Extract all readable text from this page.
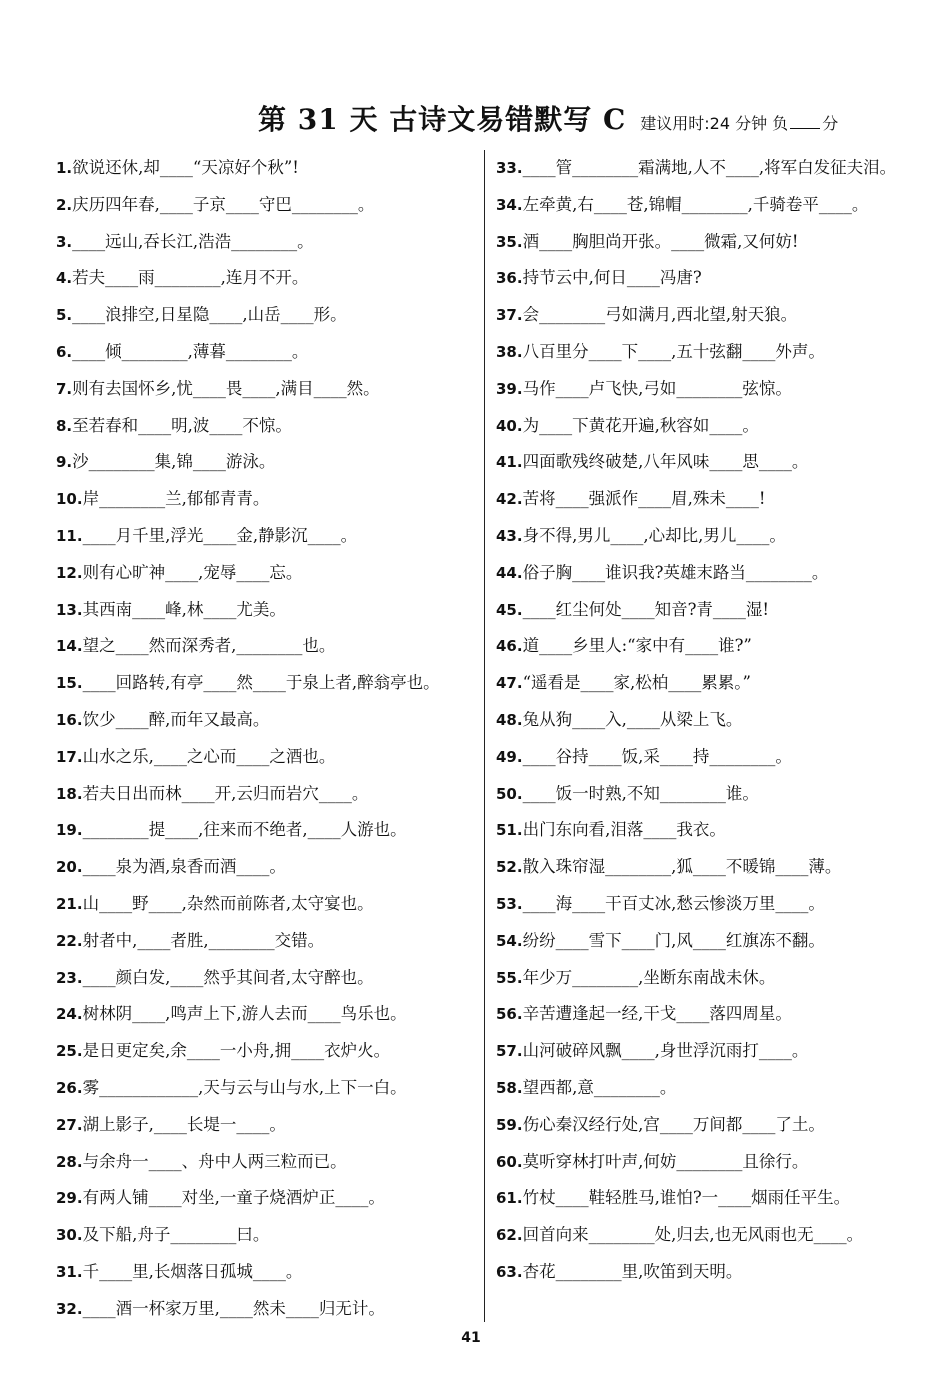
第 31 天 古诗文易错默写 C 建议用时:24 分钟 负 分
1.欲说还休,却____“天凉好个秋”!
2.庆历四年春,____子京____守巴________。
3.____远山,吞长江,浩浩________。
4.若夫____雨________,连月不开。
5.____浪排空,日星隐____,山岳____形。
6.____倾________,薄暮________。
7.则有去国怀乡,忧____畏____,满目____然。
8.至若春和____明,波____不惊。
9.沙________集,锦____游泳。
10.岸________兰,郁郁青青。
11.____月千里,浮光____金,静影沉____。
12.则有心旷神____,宠辱____忘。
13.其西南____峰,林____尤美。
14.望之____然而深秀者,________也。
15.____回路转,有亭____然____于泉上者,醉翁亭也。
16.饮少____醉,而年又最高。
17.山水之乐,____之心而____之酒也。
18.若夫日出而林____开,云归而岩穴____。
19.________提____,往来而不绝者,____人游也。
20.____泉为酒,泉香而酒____。
21.山____野____,杂然而前陈者,太守宴也。
22.射者中,____者胜,________交错。
23.____颜白发,____然乎其间者,太守醉也。
24.树林阴____,鸣声上下,游人去而____鸟乐也。
25.是日更定矣,余____一小舟,拥____衣炉火。
26.雾____________,天与云与山与水,上下一白。
27.湖上影子,____长堤一____。
28.与余舟一____、舟中人两三粒而已。
29.有两人铺____对坐,一童子烧酒炉正____。
30.及下船,舟子________曰。
31.千____里,长烟落日孤城____。
32.____酒一杯家万里,____然未____归无计。
33.____管________霜满地,人不____,将军白发征夫泪。
34.左牵黄,右____苍,锦帽________,千骑卷平____。
35.酒____胸胆尚开张。____微霜,又何妨!
36.持节云中,何日____冯唐?
37.会________弓如满月,西北望,射天狼。
38.八百里分____下____,五十弦翻____外声。
39.马作____卢飞快,弓如________弦惊。
40.为____下黄花开遍,秋容如____。
41.四面歌残终破楚,八年风味____思____。
42.苦将____强派作____眉,殊未____!
43.身不得,男儿____,心却比,男儿____。
44.俗子胸____谁识我?英雄末路当________。
45.____红尘何处____知音?青____湿!
46.道____乡里人:“家中有____谁?”
47.“遥看是____家,松柏____累累。”
48.兔从狗____入,____从梁上飞。
49.____谷持____饭,采____持________。
50.____饭一时熟,不知________谁。
51.出门东向看,泪落____我衣。
52.散入珠帘湿________,狐____不暖锦____薄。
53.____海____干百丈冰,愁云惨淡万里____。
54.纷纷____雪下____门,风____红旗冻不翻。
55.年少万________,坐断东南战未休。
56.辛苦遭逢起一经,干戈____落四周星。
57.山河破碎风飘____,身世浮沉雨打____。
58.望西都,意________。
59.伤心秦汉经行处,宫____万间都____了土。
60.莫听穿林打叶声,何妨________且徐行。
61.竹杖____鞋轻胜马,谁怕?一____烟雨任平生。
62.回首向来________处,归去,也无风雨也无____。
63.杏花________里,吹笛到天明。
41
